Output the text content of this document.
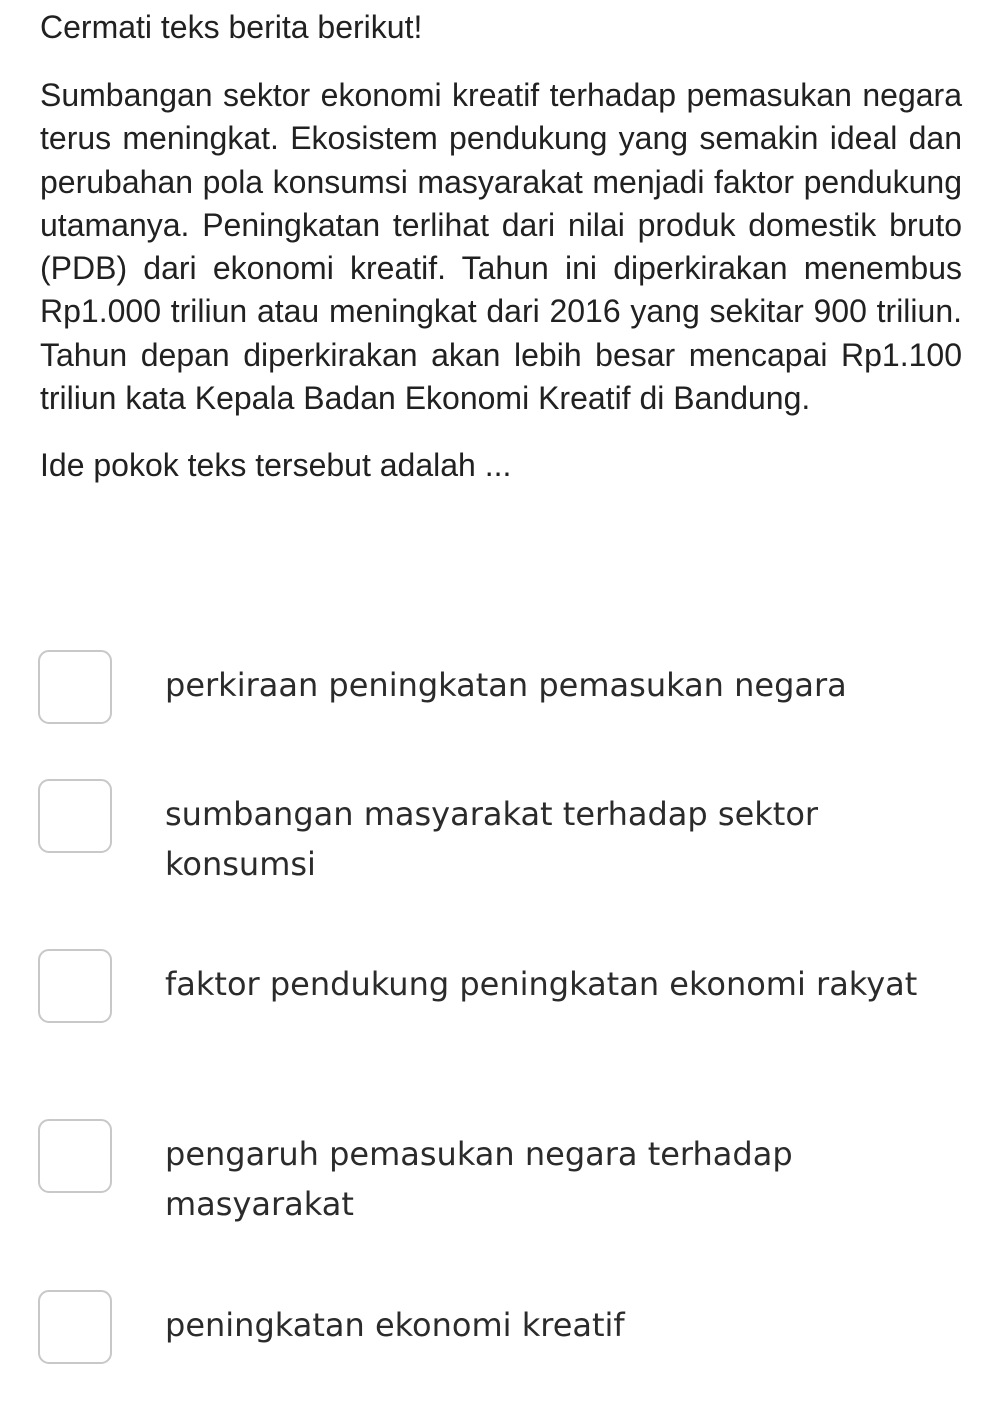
Cermati teks berita berikut!

Sumbangan sektor ekonomi kreatif terhadap pemasukan negara terus meningkat. Ekosistem pendukung yang semakin ideal dan perubahan pola konsumsi masyarakat menjadi faktor pendukung utamanya. Peningkatan terlihat dari nilai produk domestik bruto (PDB) dari ekonomi kreatif. Tahun ini diperkirakan menembus Rp1.000 triliun atau meningkat dari 2016 yang sekitar 900 triliun. Tahun depan diperkirakan akan lebih besar mencapai Rp1.100 triliun kata Kepala Badan Ekonomi Kreatif di Bandung.

Ide pokok teks tersebut adalah ...

perkiraan peningkatan pemasukan negara
sumbangan masyarakat terhadap sektor konsumsi
faktor pendukung peningkatan ekonomi rakyat
pengaruh pemasukan negara terhadap masyarakat
peningkatan ekonomi kreatif
